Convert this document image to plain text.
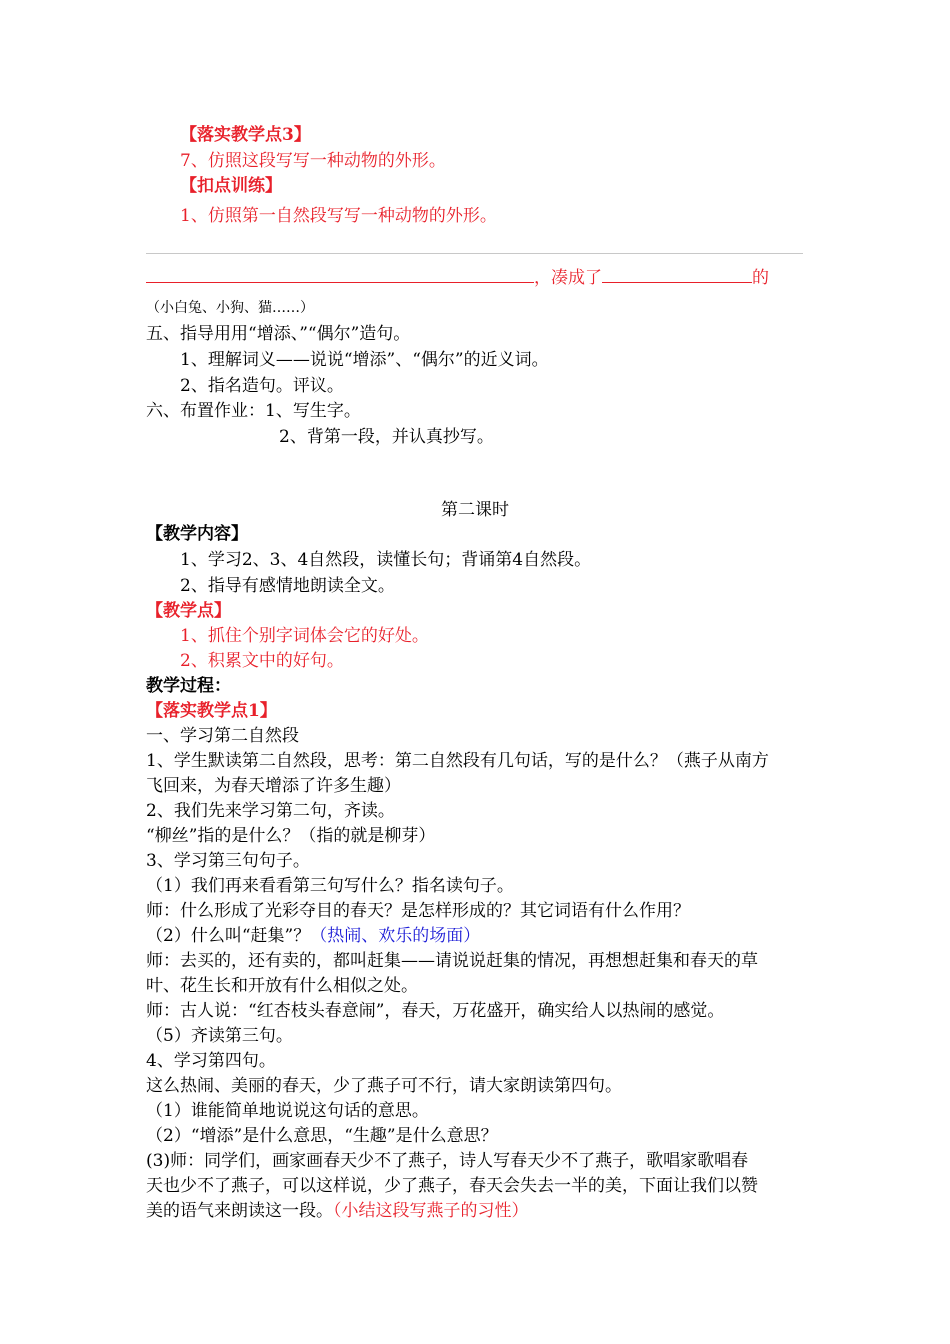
【落实教学点3】
7、仿照这段写写一种动物的外形。
【扣点训练】
1、仿照第一自然段写写一种动物的外形。
，凑成了	的
（小白兔、小狗、猫……）
五、指导用用“增添、”“偶尔”造句。
1、理解词义——说说“增添”、“偶尔”的近义词。
2、指名造句。评议。
六、布置作业：1、写生字。
2、背第一段，并认真抄写。
第二课时
【教学内容】
1、学习2、3、4自然段，读懂长句；背诵第4自然段。
2、指导有感情地朗读全文。
【教学点】
1、抓住个别字词体会它的好处。
2、积累文中的好句。
教学过程：
【落实教学点1】
一、学习第二自然段
1、学生默读第二自然段，思考：第二自然段有几句话，写的是什么？（燕子从南方
飞回来，为春天增添了许多生趣）
2、我们先来学习第二句，齐读。
“柳丝”指的是什么？（指的就是柳芽）
3、学习第三句句子。
（1）我们再来看看第三句写什么？指名读句子。
师：什么形成了光彩夺目的春天？是怎样形成的？其它词语有什么作用？
（2）什么叫“赶集”？（热闹、欢乐的场面）
师：去买的，还有卖的，都叫赶集——请说说赶集的情况，再想想赶集和春天的草
叶、花生长和开放有什么相似之处。
师：古人说：“红杏枝头春意闹”，春天，万花盛开，确实给人以热闹的感觉。
（5）齐读第三句。
4、学习第四句。
这么热闹、美丽的春天，少了燕子可不行，请大家朗读第四句。
（1）谁能简单地说说这句话的意思。
（2）“增添”是什么意思，“生趣”是什么意思？
(3)师：同学们，画家画春天少不了燕子，诗人写春天少不了燕子，歌唱家歌唱春
天也少不了燕子，可以这样说，少了燕子，春天会失去一半的美，下面让我们以赞
美的语气来朗读这一段。（小结这段写燕子的习性）
